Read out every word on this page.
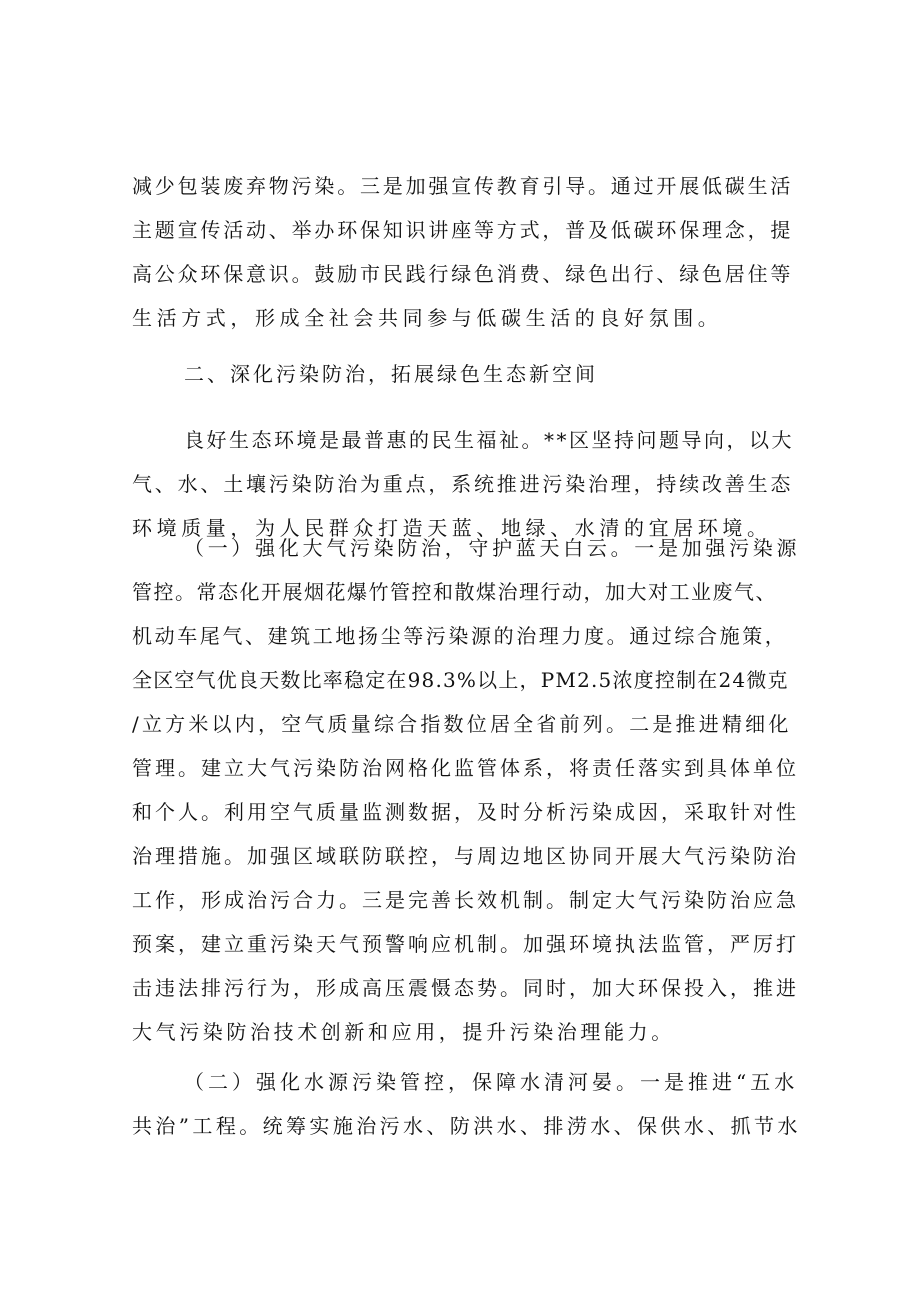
减少包装废弃物污染。三是加强宣传教育引导。通过开展低碳生活
主题宣传活动、举办环保知识讲座等方式，普及低碳环保理念，提
高公众环保意识。鼓励市民践行绿色消费、绿色出行、绿色居住等
生活方式，形成全社会共同参与低碳生活的良好氛围。
二、深化污染防治，拓展绿色生态新空间
良好生态环境是最普惠的民生福祉。**区坚持问题导向，以大
气、水、土壤污染防治为重点，系统推进污染治理，持续改善生态
环境质量，为人民群众打造天蓝、地绿、水清的宜居环境。
（一）强化大气污染防治，守护蓝天白云。一是加强污染源
管控。常态化开展烟花爆竹管控和散煤治理行动，加大对工业废气、
机动车尾气、建筑工地扬尘等污染源的治理力度。通过综合施策，
全区空气优良天数比率稳定在98.3%以上，PM2.5浓度控制在24微克
/立方米以内，空气质量综合指数位居全省前列。二是推进精细化
管理。建立大气污染防治网格化监管体系，将责任落实到具体单位
和个人。利用空气质量监测数据，及时分析污染成因，采取针对性
治理措施。加强区域联防联控，与周边地区协同开展大气污染防治
工作，形成治污合力。三是完善长效机制。制定大气污染防治应急
预案，建立重污染天气预警响应机制。加强环境执法监管，严厉打
击违法排污行为，形成高压震慑态势。同时，加大环保投入，推进
大气污染防治技术创新和应用，提升污染治理能力。
（二）强化水源污染管控，保障水清河晏。一是推进“五水
共治”工程。统筹实施治污水、防洪水、排涝水、保供水、抓节水
